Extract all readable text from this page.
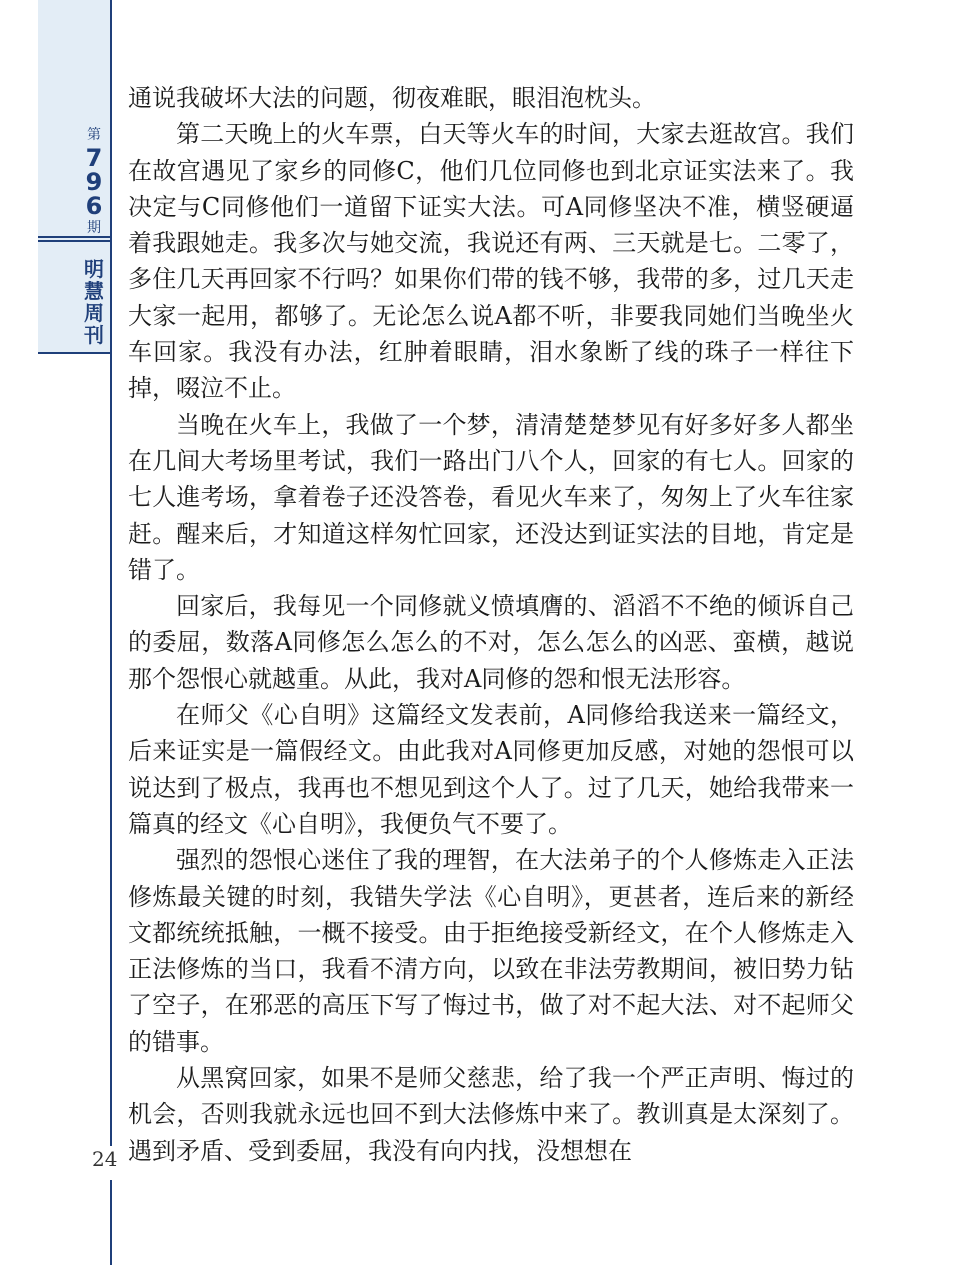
第
796
期
明慧周刊
24

通说我破坏大法的问题，彻夜难眠，眼泪泡枕头。

第二天晚上的火车票，白天等火车的时间，大家去逛故宫。我们在故宫遇见了家乡的同修C，他们几位同修也到北京证实法来了。我决定与C同修他们一道留下证实大法。可A同修坚决不准，横竖硬逼着我跟她走。我多次与她交流，我说还有两、三天就是七。二零了，多住几天再回家不行吗？如果你们带的钱不够，我带的多，过几天走大家一起用，都够了。无论怎么说A都不听，非要我同她们当晚坐火车回家。我没有办法，红肿着眼睛，泪水象断了线的珠子一样往下掉，啜泣不止。

当晚在火车上，我做了一个梦，清清楚楚梦见有好多好多人都坐在几间大考场里考试，我们一路出门八个人，回家的有七人。回家的七人進考场，拿着卷子还没答卷，看见火车来了，匆匆上了火车往家赶。醒来后，才知道这样匆忙回家，还没达到证实法的目地，肯定是错了。

回家后，我每见一个同修就义愤填膺的、滔滔不不绝的倾诉自己的委屈，数落A同修怎么怎么的不对，怎么怎么的凶恶、蛮横，越说那个怨恨心就越重。从此，我对A同修的怨和恨无法形容。

在师父《心自明》这篇经文发表前，A同修给我送来一篇经文，后来证实是一篇假经文。由此我对A同修更加反感，对她的怨恨可以说达到了极点，我再也不想见到这个人了。过了几天，她给我带来一篇真的经文《心自明》，我便负气不要了。

强烈的怨恨心迷住了我的理智，在大法弟子的个人修炼走入正法修炼最关键的时刻，我错失学法《心自明》，更甚者，连后来的新经文都统统抵触，一概不接受。由于拒绝接受新经文，在个人修炼走入正法修炼的当口，我看不清方向，以致在非法劳教期间，被旧势力钻了空子，在邪恶的高压下写了悔过书，做了对不起大法、对不起师父的错事。

从黑窝回家，如果不是师父慈悲，给了我一个严正声明、悔过的机会，否则我就永远也回不到大法修炼中来了。教训真是太深刻了。遇到矛盾、受到委屈，我没有向内找，没想想在
